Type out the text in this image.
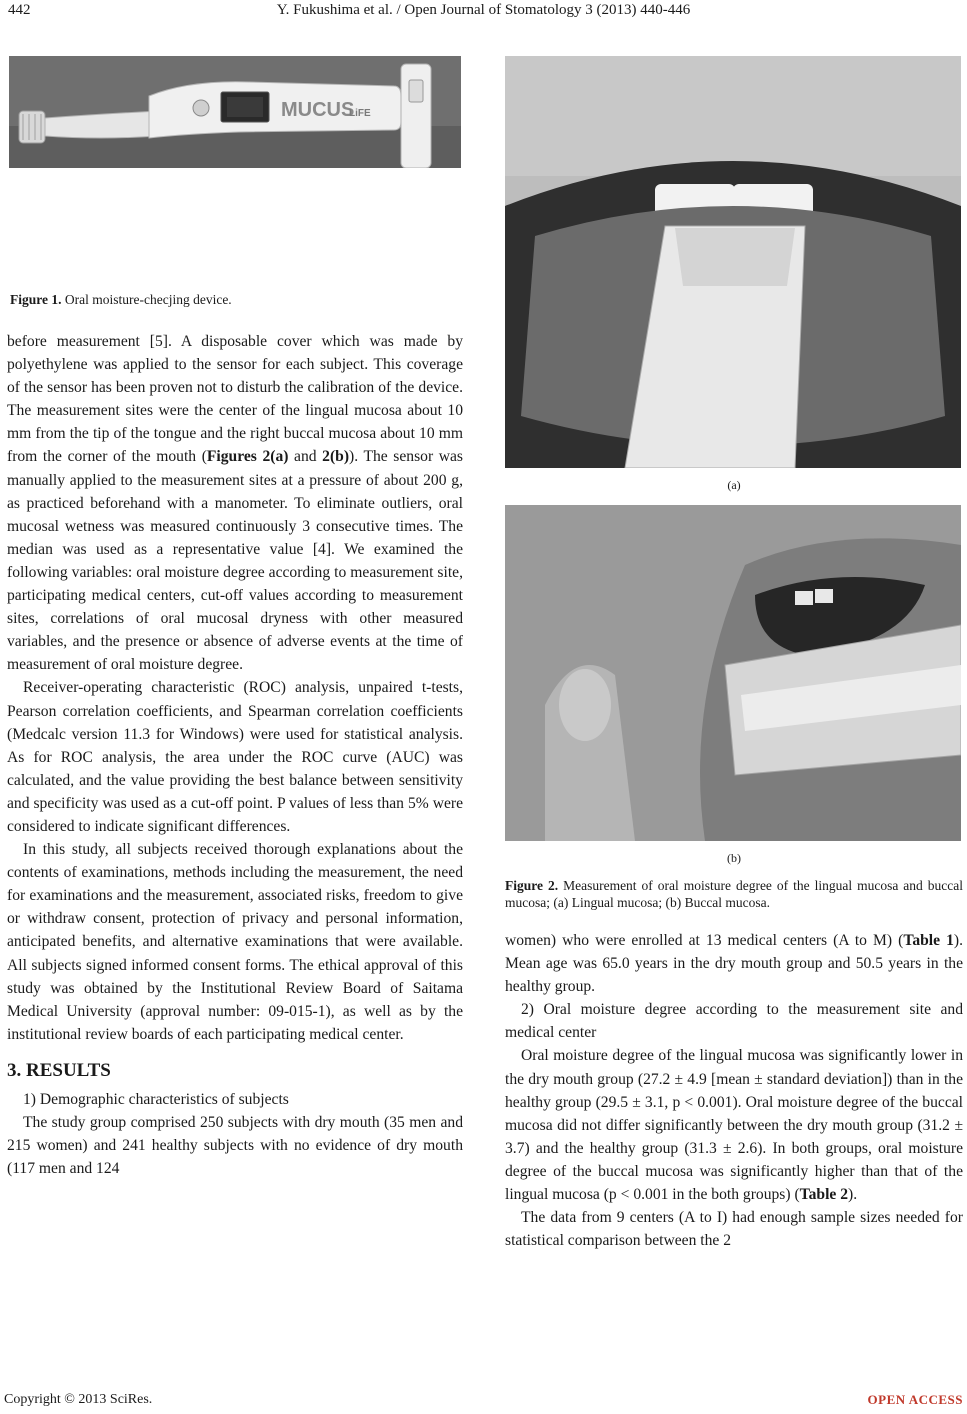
442	Y. Fukushima et al. / Open Journal of Stomatology 3 (2013) 440-446
MUCUS
LiFE
Figure 1. Oral moisture-checjing device.

before measurement [5]. A disposable cover which was made by polyethylene was applied to the sensor for each subject. This coverage of the sensor has been proven not to disturb the calibration of the device. The measurement sites were the center of the lingual mucosa about 10 mm from the tip of the tongue and the right buccal mucosa about 10 mm from the corner of the mouth (Figures 2(a) and 2(b)). The sensor was manually applied to the measurement sites at a pressure of about 200 g, as practiced beforehand with a manometer. To eliminate outliers, oral mucosal wetness was measured continuously 3 consecutive times. The median was used as a representative value [4]. We examined the following variables: oral moisture degree according to measurement site, participating medical centers, cut-off values according to measurement sites, correlations of oral mucosal dryness with other measured variables, and the presence or absence of adverse events at the time of measurement of oral moisture degree.

Receiver-operating characteristic (ROC) analysis, unpaired t-tests, Pearson correlation coefficients, and Spearman correlation coefficients (Medcalc version 11.3 for Windows) were used for statistical analysis. As for ROC analysis, the area under the ROC curve (AUC) was calculated, and the value providing the best balance between sensitivity and specificity was used as a cut-off point. P values of less than 5% were considered to indicate significant differences.

In this study, all subjects received thorough explanations about the contents of examinations, methods including the measurement, the need for examinations and the measurement, associated risks, freedom to give or withdraw consent, protection of privacy and personal information, anticipated benefits, and alternative examinations that were available. All subjects signed informed consent forms. The ethical approval of this study was obtained by the Institutional Review Board of Saitama Medical University (approval number: 09-015-1), as well as by the institutional review boards of each participating medical center.

3. RESULTS

1) Demographic characteristics of subjects

The study group comprised 250 subjects with dry mouth (35 men and 215 women) and 241 healthy subjects with no evidence of dry mouth (117 men and 124

(a)
(b)
Figure 2. Measurement of oral moisture degree of the lingual mucosa and buccal mucosa; (a) Lingual mucosa; (b) Buccal mucosa.

women) who were enrolled at 13 medical centers (A to M) (Table 1). Mean age was 65.0 years in the dry mouth group and 50.5 years in the healthy group.

2) Oral moisture degree according to the measurement site and medical center

Oral moisture degree of the lingual mucosa was significantly lower in the dry mouth group (27.2 ± 4.9 [mean ± standard deviation]) than in the healthy group (29.5 ± 3.1, p < 0.001). Oral moisture degree of the buccal mucosa did not differ significantly between the dry mouth group (31.2 ± 3.7) and the healthy group (31.3 ± 2.6). In both groups, oral moisture degree of the buccal mucosa was significantly higher than that of the lingual mucosa (p < 0.001 in the both groups) (Table 2).

The data from 9 centers (A to I) had enough sample sizes needed for statistical comparison between the 2

Copyright © 2013 SciRes.	OPEN ACCESS
